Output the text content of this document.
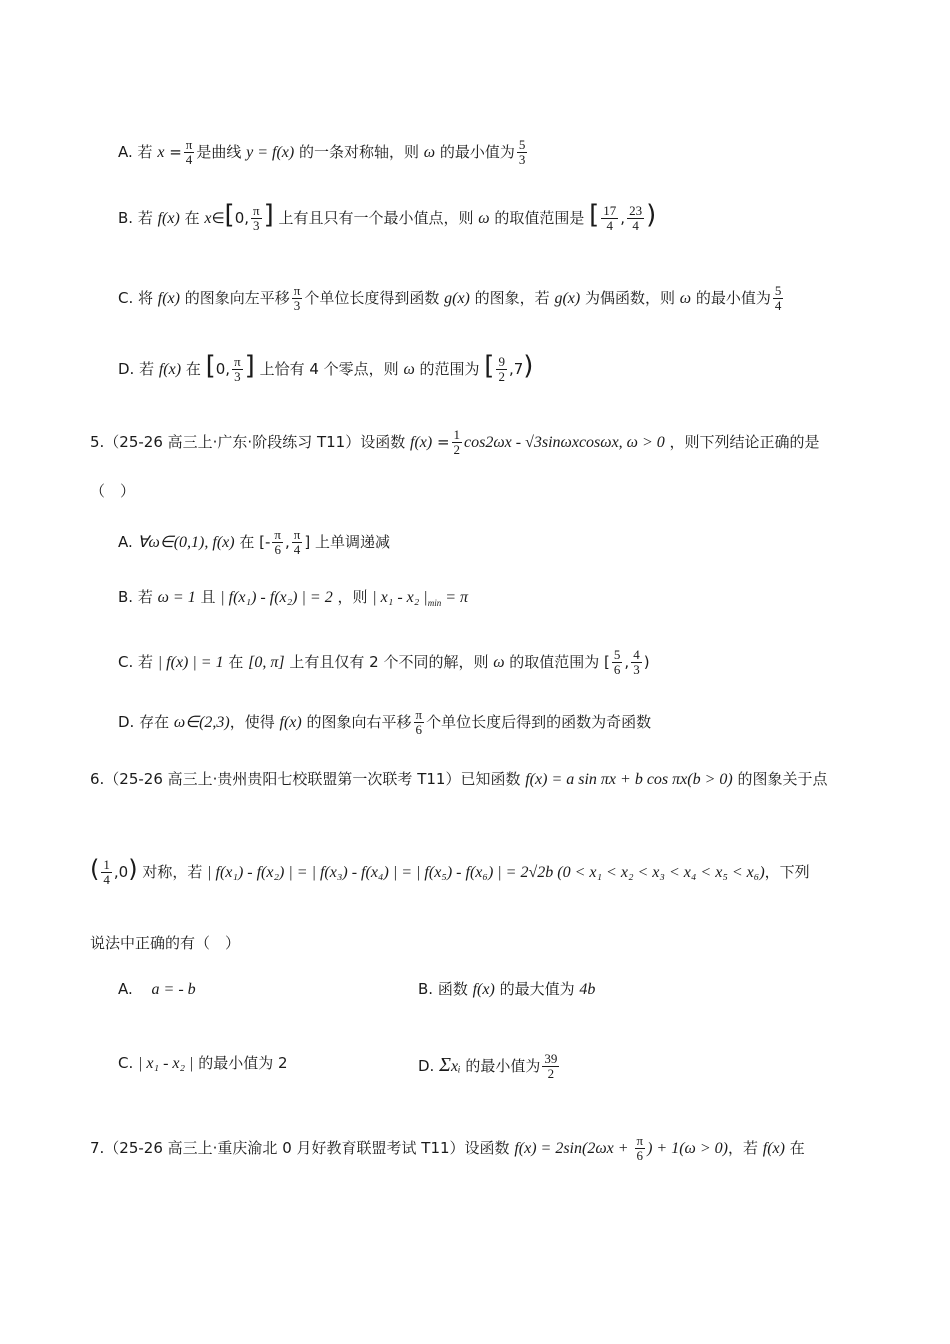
A. 若 $x = \frac{\pi}{4}$ 是曲线 y = f(x) 的一条对称轴，则 ω 的最小值为 $\frac{5}{3}$
B. 若 f(x) 在 x∈[0, $\frac{\pi}{3}$ ] 上有且只有一个最小值点，则 ω 的取值范围是 [ $\frac{17}{4}$ , $\frac{23}{4}$ )
C. 将 f(x) 的图象向左平移 $\frac{\pi}{3}$ 个单位长度得到函数 g(x) 的图象，若 g(x) 为偶函数，则 ω 的最小值为 $\frac{5}{4}$
D. 若 f(x) 在 [0, $\frac{\pi}{3}$ ] 上恰有 4 个零点，则 ω 的范围为 [ $\frac{9}{2} ,7$)
5.（25-26 高三上·广东·阶段练习 T11）设函数 $f(x) = \frac{1}{2} \cos 2\omega x - √3\sin\omega xcos\omega x$, ω > 0 ，则下列结论正确的是
（　）
A. ∀ω∈(0,1), f(x) 在 [- $\frac{\pi}{6}$ , $\frac{\pi}{4}$ ] 上单调递减
B. 若 ω = 1 且 | f(x₁) - f(x₂) | = 2 ，则 | x₁ - x₂ $|_{min} = \pi$
C. 若 | f(x) | = 1 在 [0, π] 上有且仅有 2 个不同的解，则 ω 的取值范围为 [ $\frac{5}{6}$ , $\frac{4}{3}$ )
D. 存在 ω∈(2,3)，使得 f(x) 的图象向右平移 $\frac{\pi}{6}$ 个单位长度后得到的函数为奇函数
6.（25-26 高三上·贵州贵阳七校联盟第一次联考 T11）已知函数 f(x) = a sin πx + b cos πx(b > 0) 的图象关于点
( $\frac{1}{4} ,0$) 对称，若 | f(x₁) - f(x₂) | = | f(x₃) - f(x₄) | = | f(x₅) - f(x₆) | = 2√2b (0 < x₁ < x₂ < x₃ < x₄ < x₅ < x₆)，下列
说法中正确的有（　）
A. a = - b	B. 函数 f(x) 的最大值为 4b
C. | x₁ - x₂ | 的最小值为 2	D. Σxᵢ 的最小值为 $\frac{39}{2}$
7.（25-26 高三上·重庆渝北 0 月好教育联盟考试 T11）设函数 $f(x) = 2\sin(2\omega x + \frac{\pi}{6}$ ) + 1(ω > 0)，若 f(x) 在
